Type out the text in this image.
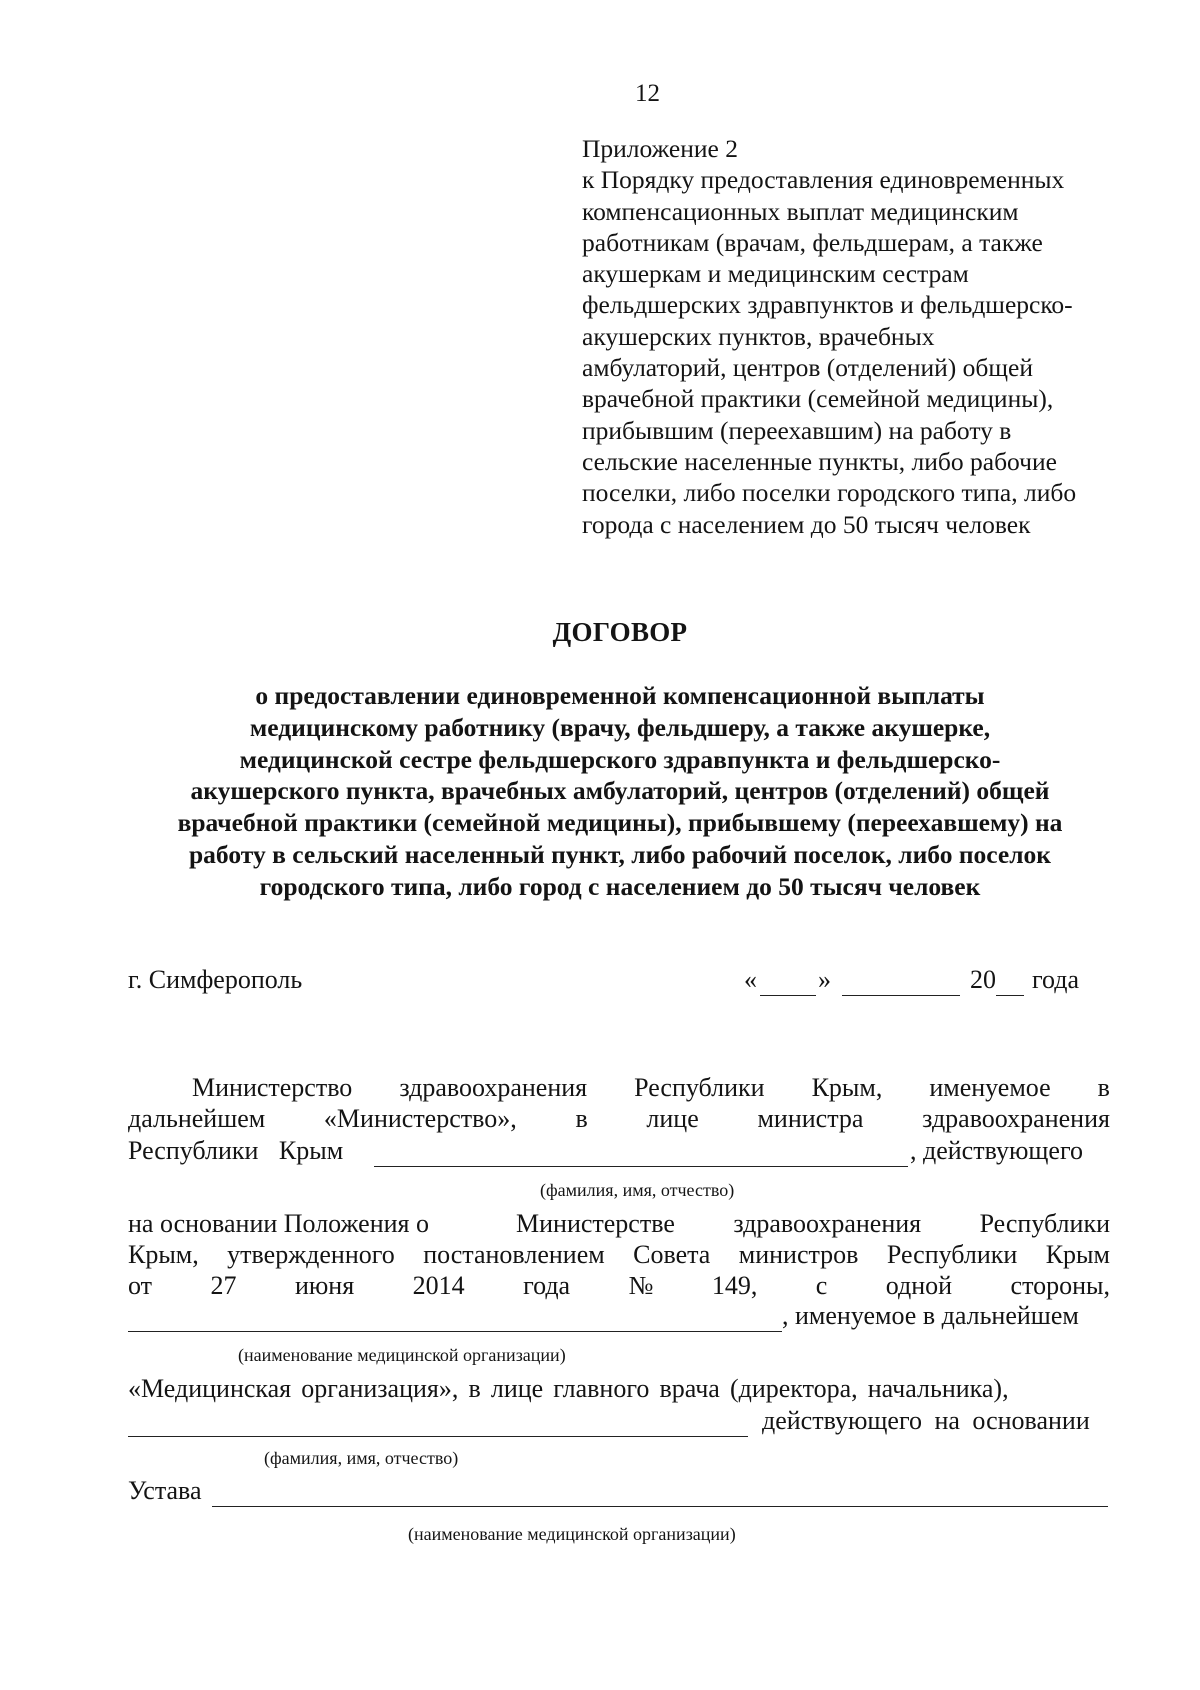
12
Приложение 2
к Порядку предоставления единовременных
компенсационных выплат медицинским
работникам (врачам, фельдшерам, а также
акушеркам и медицинским сестрам
фельдшерских здравпунктов и фельдшерско-
акушерских пунктов, врачебных
амбулаторий, центров (отделений) общей
врачебной практики (семейной медицины),
прибывшим (переехавшим) на работу в
сельские населенные пункты, либо рабочие
поселки, либо поселки городского типа, либо
города с населением до 50 тысяч человек
ДОГОВОР
о предоставлении единовременной компенсационной выплаты
медицинскому работнику (врачу, фельдшеру, а также акушерке,
медицинской сестре фельдшерского здравпункта и фельдшерско-
акушерского пункта, врачебных амбулаторий, центров (отделений) общей
врачебной практики (семейной медицины), прибывшему (переехавшему) на
работу в сельский населенный пункт, либо рабочий поселок, либо поселок
городского типа, либо город с населением до 50 тысяч человек
г. Симферополь	« »	20 года
Министерство здравоохранения Республики Крым, именуемое в
дальнейшем «Министерство», в лице министра здравоохранения
Республики Крым	, действующего
(фамилия, имя, отчество)
на основании Положения о	Министерстве здравоохранения Республики
Крым, утвержденного постановлением Совета министров Республики Крым
от 27 июня 2014 года № 149, с одной стороны,
, именуемое в дальнейшем
(наименование медицинской организации)
«Медицинская организация», в лице главного врача (директора, начальника),
действующего на основании
(фамилия, имя, отчество)
Устава
(наименование медицинской организации)
